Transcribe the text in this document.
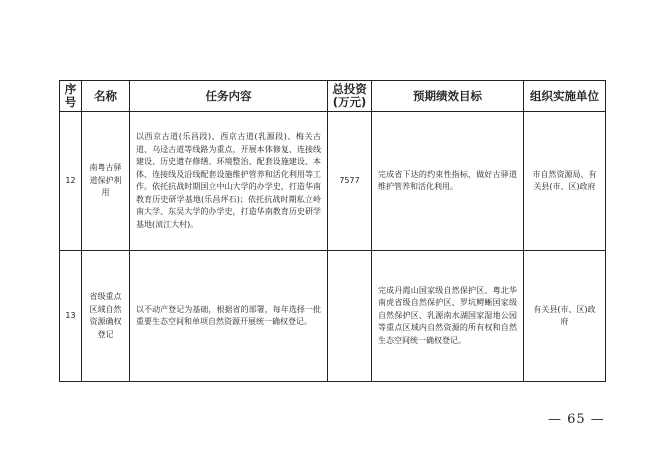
序号	名称	任务内容	总投资(万元)	预期绩效目标	组织实施单位
12	南粤古驿道保护利用	以西京古道(乐昌段)、西京古道(乳源段)、梅关古道、乌迳古道等线路为重点，开展本体修复、连接线建设、历史遗存修缮、环境整治、配套设施建设、本体、连接线及沿线配套设施维护管养和活化利用等工作。依托抗战时期国立中山大学的办学史，打造华南教育历史研学基地(乐昌坪石)；依托抗战时期私立岭南大学、东吴大学的办学史，打造华南教育历史研学基地(浈江大村)。	7577	完成省下达的约束性指标，做好古驿道维护管养和活化利用。	市自然资源局、有关县(市、区)政府
13	省级重点区域自然资源确权登记	以不动产登记为基础，根据省的部署，每年选择一批重要生态空间和单项自然资源开展统一确权登记。		完成丹霞山国家级自然保护区、粤北华南虎省级自然保护区、罗坑鳄蜥国家级自然保护区、乳源南水湖国家湿地公园等重点区域内自然资源的所有权和自然生态空间统一确权登记。	有关县(市、区)政府
— 65 —
